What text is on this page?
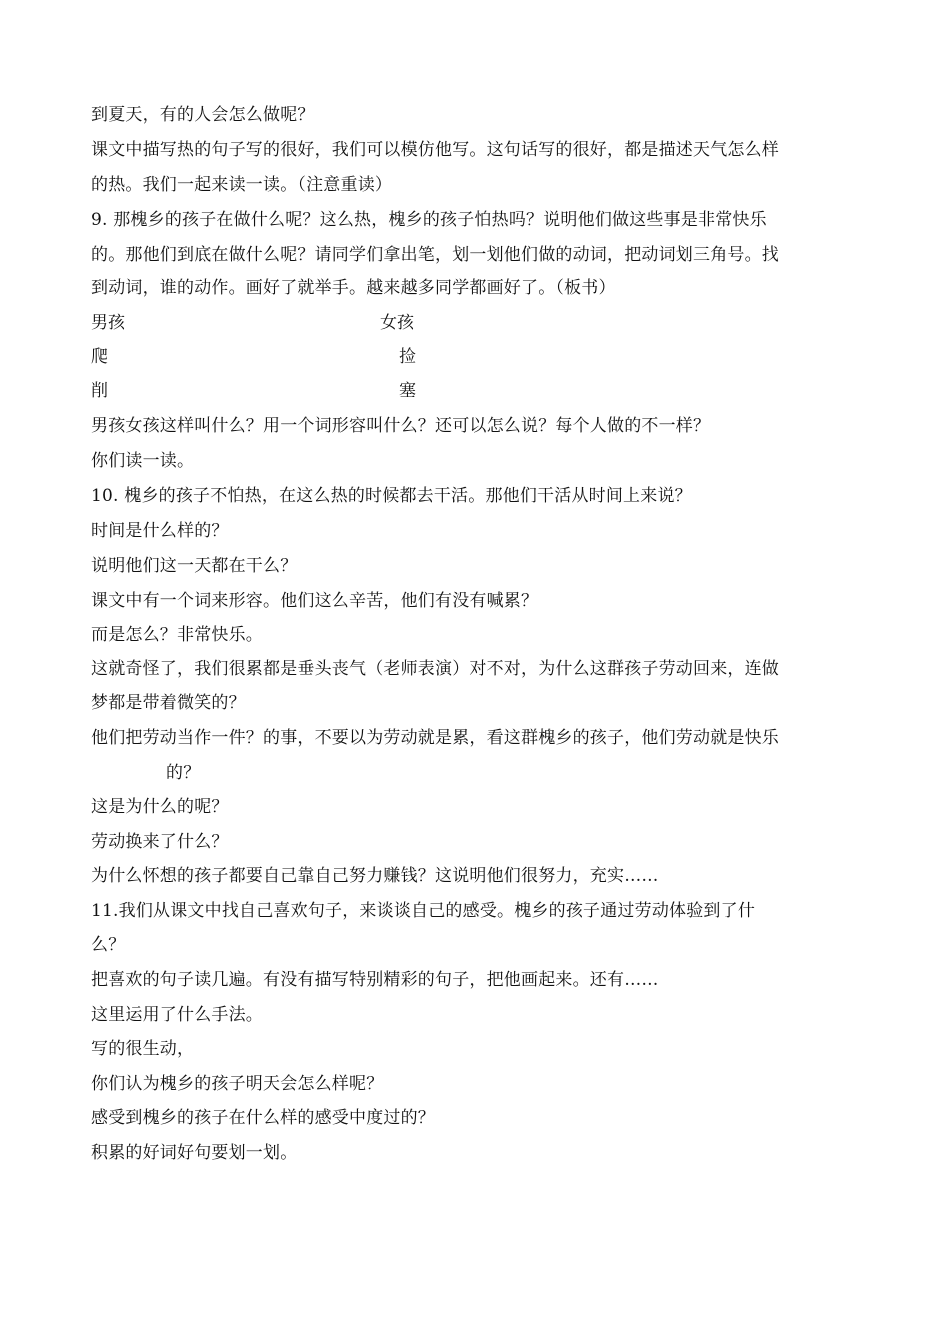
到夏天，有的人会怎么做呢？
课文中描写热的句子写的很好，我们可以模仿他写。这句话写的很好，都是描述天气怎么样
的热。我们一起来读一读。（注意重读）
9. 那槐乡的孩子在做什么呢？这么热，槐乡的孩子怕热吗？说明他们做这些事是非常快乐
的。那他们到底在做什么呢？请同学们拿出笔，划一划他们做的动词，把动词划三角号。找
到动词，谁的动作。画好了就举手。越来越多同学都画好了。（板书）
男孩	女孩
爬	捡
削	塞
男孩女孩这样叫什么？用一个词形容叫什么？还可以怎么说？每个人做的不一样？
你们读一读。
10. 槐乡的孩子不怕热，在这么热的时候都去干活。那他们干活从时间上来说？
时间是什么样的？
说明他们这一天都在干么？
课文中有一个词来形容。他们这么辛苦，他们有没有喊累？
而是怎么？非常快乐。
这就奇怪了，我们很累都是垂头丧气（老师表演）对不对，为什么这群孩子劳动回来，连做
梦都是带着微笑的？
他们把劳动当作一件？的事，不要以为劳动就是累，看这群槐乡的孩子，他们劳动就是快乐
的？
这是为什么的呢？
劳动换来了什么？
为什么怀想的孩子都要自己靠自己努力赚钱？这说明他们很努力，充实……
11.我们从课文中找自己喜欢句子，来谈谈自己的感受。槐乡的孩子通过劳动体验到了什
么？
把喜欢的句子读几遍。有没有描写特别精彩的句子，把他画起来。还有……
这里运用了什么手法。
写的很生动，
你们认为槐乡的孩子明天会怎么样呢？
感受到槐乡的孩子在什么样的感受中度过的？
积累的好词好句要划一划。
